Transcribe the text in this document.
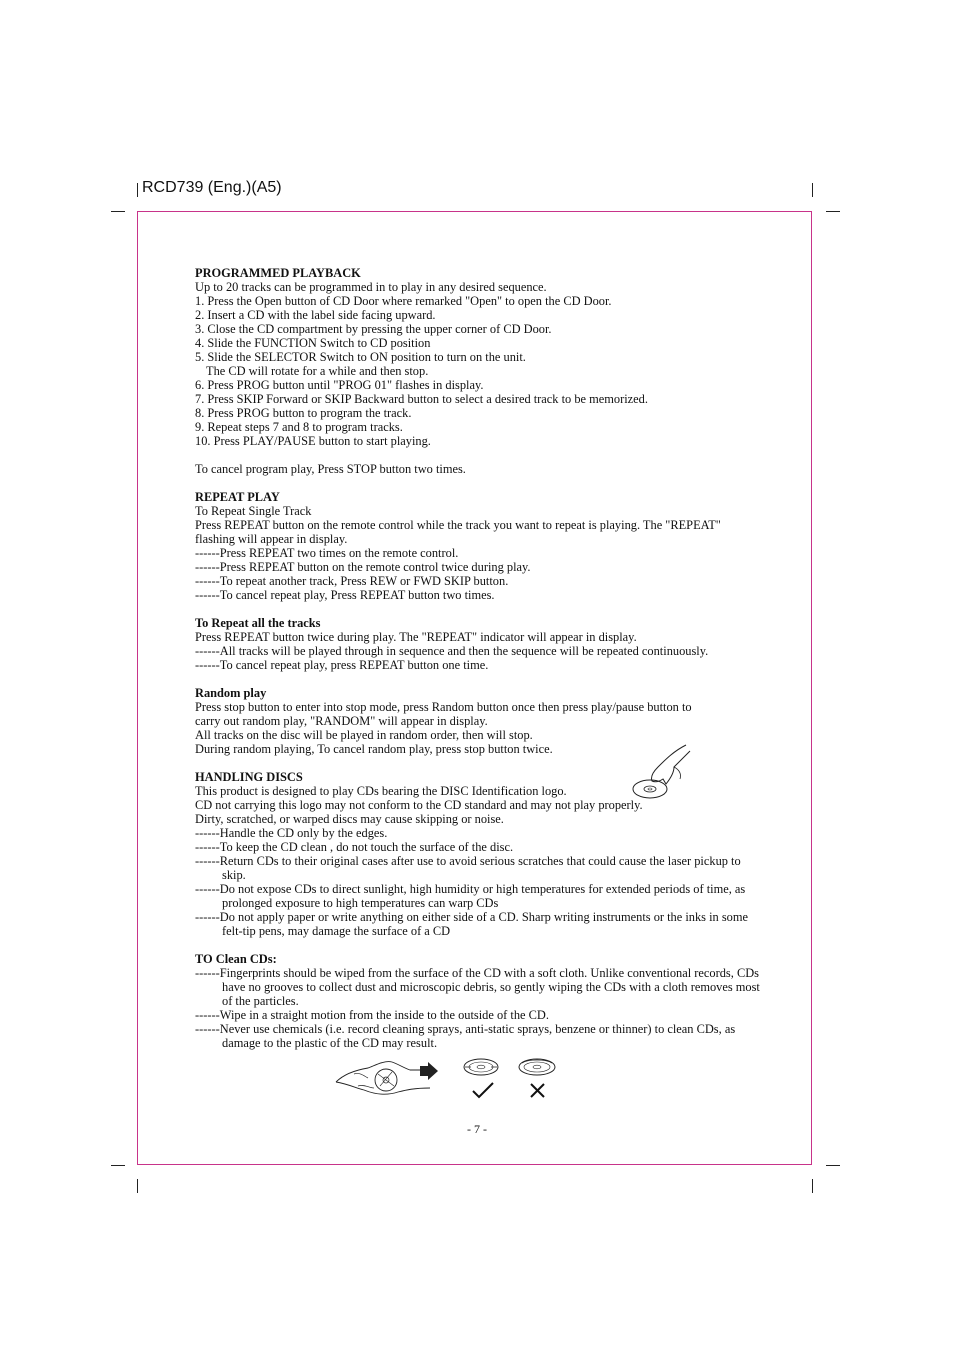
RCD739 (Eng.)(A5)

PROGRAMMED PLAYBACK

Up to 20 tracks can be programmed in to play in any desired sequence.

1. Press the Open button of CD Door where remarked "Open" to open the CD Door.

2. Insert a CD with the label side facing upward.

3. Close the CD compartment by pressing the upper corner of CD Door.

4. Slide the FUNCTION Switch to CD position

5. Slide the SELECTOR Switch to ON position to turn on the unit.

The CD will rotate for a while and then stop.

6. Press PROG button until "PROG 01" flashes in display.

7. Press SKIP Forward or SKIP Backward button to select a desired track to be memorized.

8. Press PROG button to program the track.

9. Repeat steps 7 and 8 to program tracks.

10. Press PLAY/PAUSE button to start playing.

To cancel program play, Press STOP button two times.

REPEAT PLAY

To Repeat Single Track

Press REPEAT button on the remote control while the track you want to repeat is playing. The "REPEAT"

flashing will appear in display.

------Press REPEAT two times on the remote control.

------Press REPEAT button on the remote control twice during play.

------To repeat another track, Press REW or FWD SKIP button.

------To cancel repeat play, Press REPEAT button two times.

To Repeat all the tracks

Press REPEAT button twice during play. The "REPEAT" indicator will appear in display.

------All tracks will be played through in sequence and then the sequence will be repeated continuously.

------To cancel repeat play, press REPEAT button one time.

Random play

Press stop button to enter into stop mode, press Random button once then press play/pause button to

carry out random play, "RANDOM" will appear in display.

All tracks on the disc will be played in random order, then will stop.

During random playing, To cancel random play, press stop button twice.

HANDLING DISCS

This product is designed to play CDs bearing the DISC Identification logo.

CD not carrying this logo may not conform to the CD standard and may not play properly.

Dirty, scratched, or warped discs may cause skipping or noise.

------Handle the CD only by the edges.

------To keep the CD clean , do not touch the surface of the disc.

------Return CDs to their original cases after use to avoid serious scratches that could cause the laser pickup to skip.

------Do not expose CDs to direct sunlight, high humidity or high temperatures for extended periods of time, as prolonged exposure to high temperatures can warp CDs

------Do not apply paper or write anything on either side of a CD. Sharp writing instruments or the inks in some felt-tip pens, may damage the surface of a CD

TO Clean CDs:

------Fingerprints should be wiped from the surface of the CD with a soft cloth. Unlike conventional records, CDs have no grooves to collect dust and microscopic debris, so gently wiping the CDs with a cloth removes most of the particles.

------Wipe in a straight motion from the inside to the outside of the CD.

------Never use chemicals (i.e. record cleaning sprays, anti-static sprays, benzene or thinner) to clean CDs, as damage to the plastic of the CD may result.

- 7 -
